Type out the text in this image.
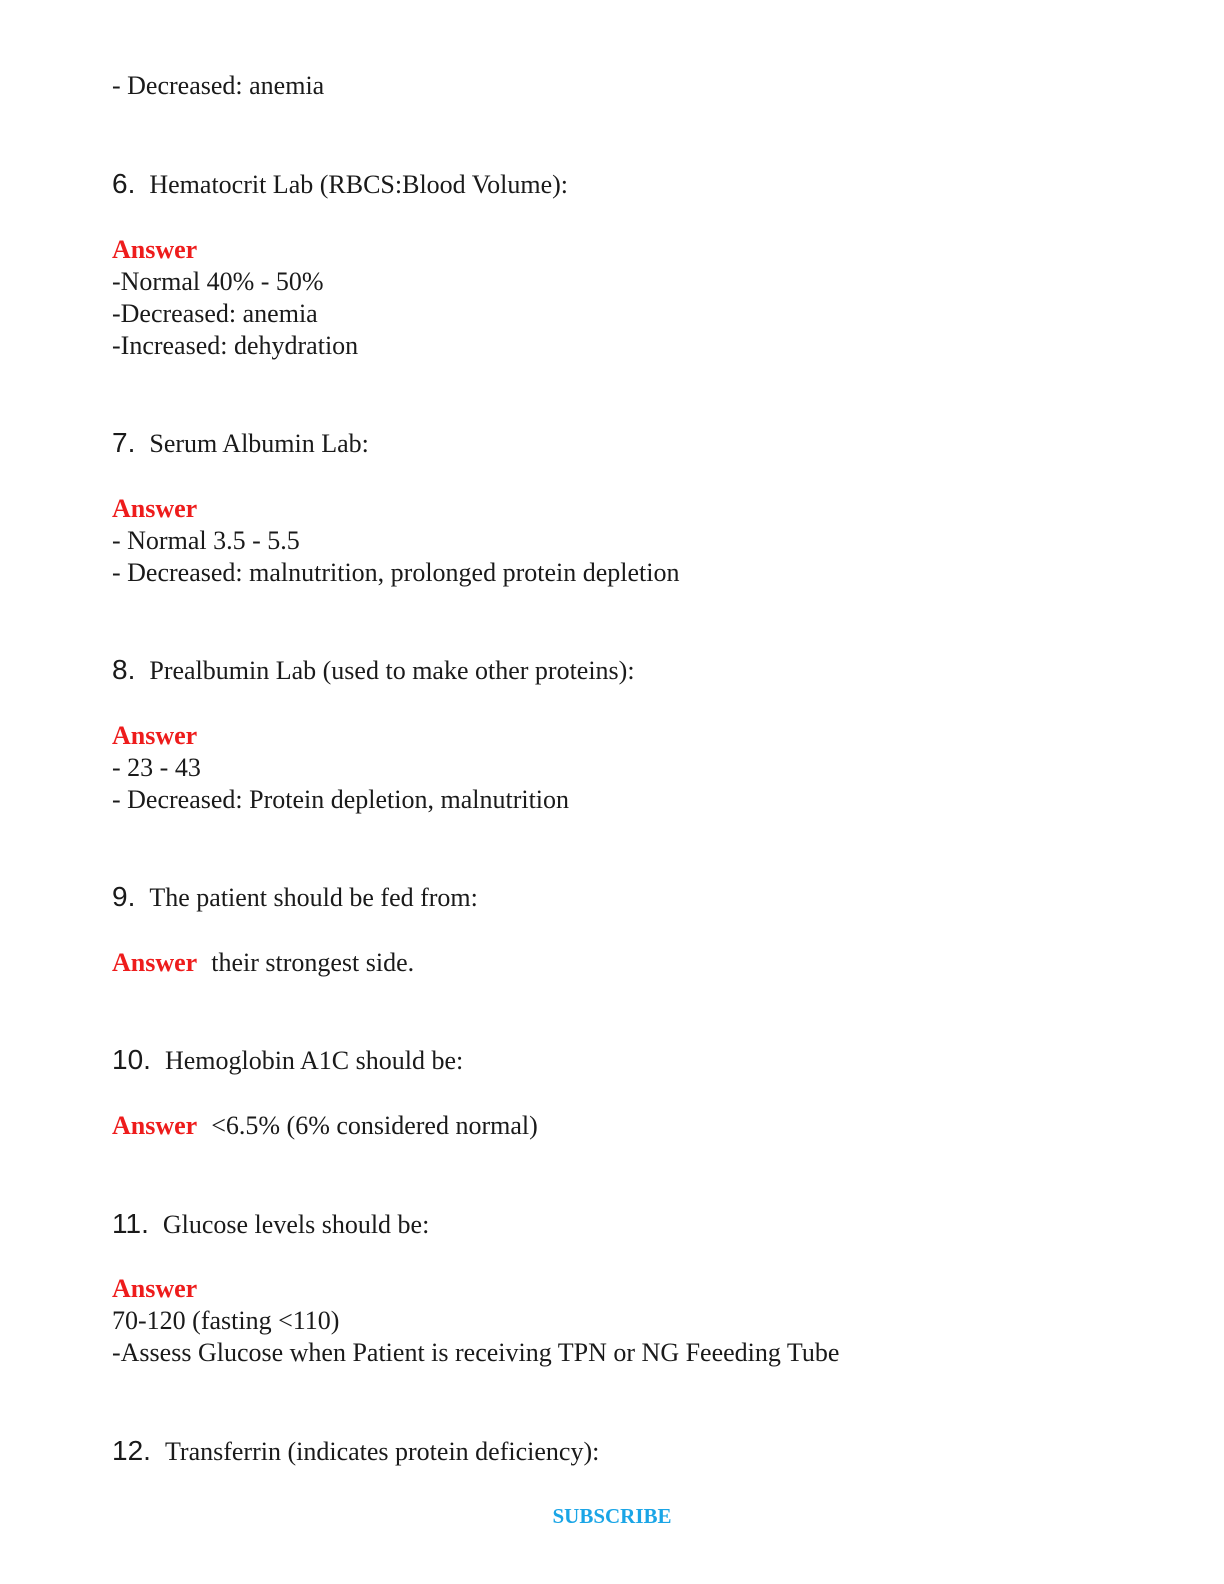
- Decreased: anemia
6. Hematocrit Lab (RBCS:Blood Volume):
Answer
-Normal 40% - 50%
-Decreased: anemia
-Increased: dehydration
7. Serum Albumin Lab:
Answer
- Normal 3.5 - 5.5
- Decreased: malnutrition, prolonged protein depletion
8. Prealbumin Lab (used to make other proteins):
Answer
- 23 - 43
- Decreased: Protein depletion, malnutrition
9. The patient should be fed from:
Answer their strongest side.
10. Hemoglobin A1C should be:
Answer <6.5% (6% considered normal)
11. Glucose levels should be:
Answer
70-120 (fasting <110)
-Assess Glucose when Patient is receiving TPN or NG Feeeding Tube
12. Transferrin (indicates protein deficiency):
SUBSCRIBE
